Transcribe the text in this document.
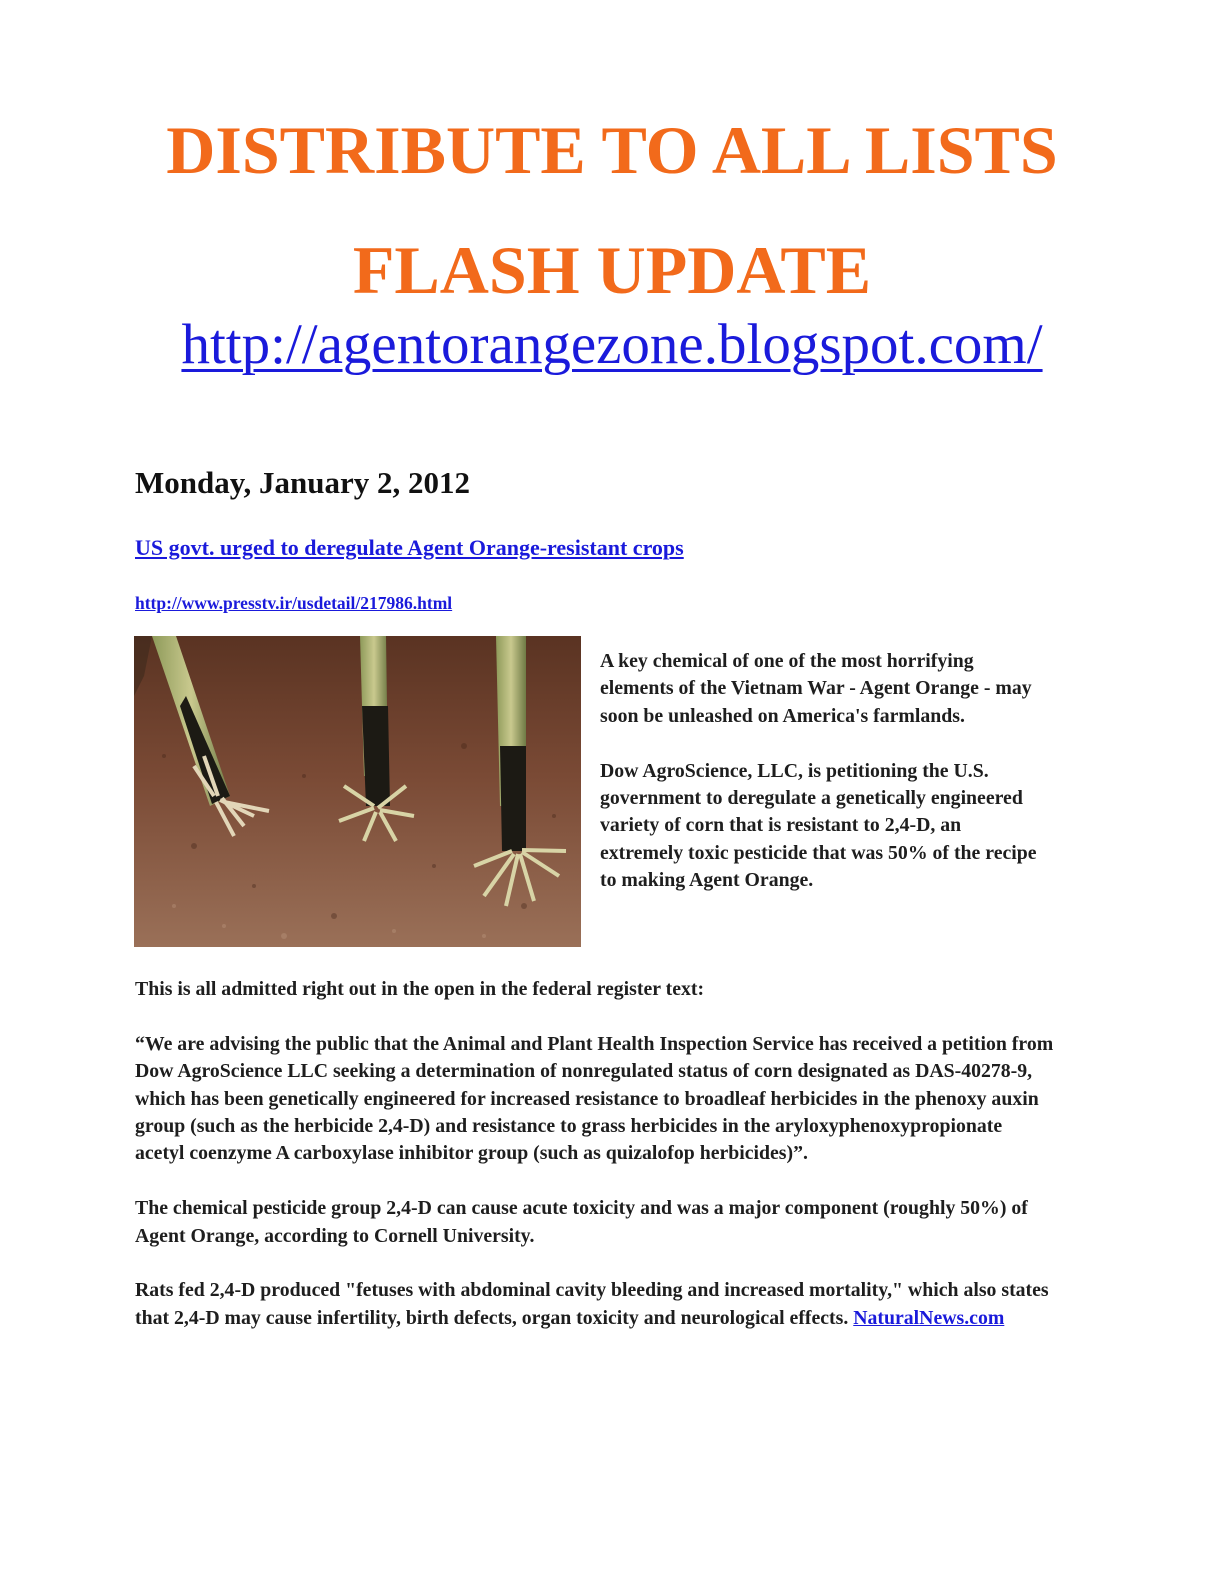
DISTRIBUTE TO ALL LISTS
FLASH UPDATE
http://agentorangezone.blogspot.com/
Monday, January 2, 2012
US govt. urged to deregulate Agent Orange-resistant crops
http://www.presstv.ir/usdetail/217986.html

A key chemical of one of the most horrifying elements of the Vietnam War - Agent Orange - may soon be unleashed on America's farmlands.

Dow AgroScience, LLC, is petitioning the U.S. government to deregulate a genetically engineered variety of corn that is resistant to 2,4-D, an extremely toxic pesticide that was 50% of the recipe to making Agent Orange.

This is all admitted right out in the open in the federal register text:

“We are advising the public that the Animal and Plant Health Inspection Service has received a petition from Dow AgroScience LLC seeking a determination of nonregulated status of corn designated as DAS-40278-9, which has been genetically engineered for increased resistance to broadleaf herbicides in the phenoxy auxin group (such as the herbicide 2,4-D) and resistance to grass herbicides in the aryloxyphenoxypropionate acetyl coenzyme A carboxylase inhibitor group (such as quizalofop herbicides)”.

The chemical pesticide group 2,4-D can cause acute toxicity and was a major component (roughly 50%) of Agent Orange, according to Cornell University.

Rats fed 2,4-D produced "fetuses with abdominal cavity bleeding and increased mortality," which also states that 2,4-D may cause infertility, birth defects, organ toxicity and neurological effects. NaturalNews.com
